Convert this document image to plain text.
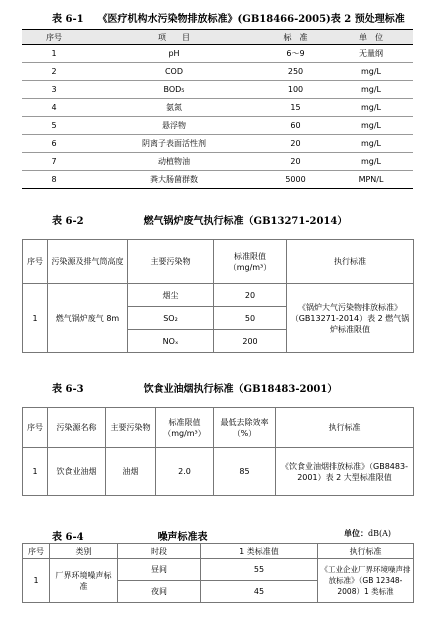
表 6-1 《医疗机构水污染物排放标准》(GB18466-2005)表 2 预处理标准
序号	项　　目	标　准	单　位
1	pH	6～9	无量纲
2	COD	250	mg/L
3	BOD₅	100	mg/L
4	氨氮	15	mg/L
5	悬浮物	60	mg/L
6	阴离子表面活性剂	20	mg/L
7	动植物油	20	mg/L
8	粪大肠菌群数	5000	MPN/L
表 6-2	燃气锅炉废气执行标准（GB13271-2014）
序号	污染源及排气筒高度	主要污染物	标准限值（mg/m³）	执行标准
1	燃气锅炉废气 8m	烟尘	20	《锅炉大气污染物排放标准》（GB13271-2014）表 2 燃气锅炉标准限值
		SO₂	50	
		NOₓ	200	
表 6-3	饮食业油烟执行标准（GB18483-2001）
序号	污染源名称	主要污染物	标准限值（mg/m³）	最低去除效率（%）	执行标准
1	饮食业油烟	油烟	2.0	85	《饮食业油烟排放标准》（GB8483-2001）表 2 大型标准限值
表 6-4	噪声标准表	单位：dB(A)
序号	类别	时段	1 类标准值	执行标准
1	厂界环境噪声标准	昼间	55	《工业企业厂界环境噪声排放标准》（GB 12348-2008）1 类标准
		夜间	45	
